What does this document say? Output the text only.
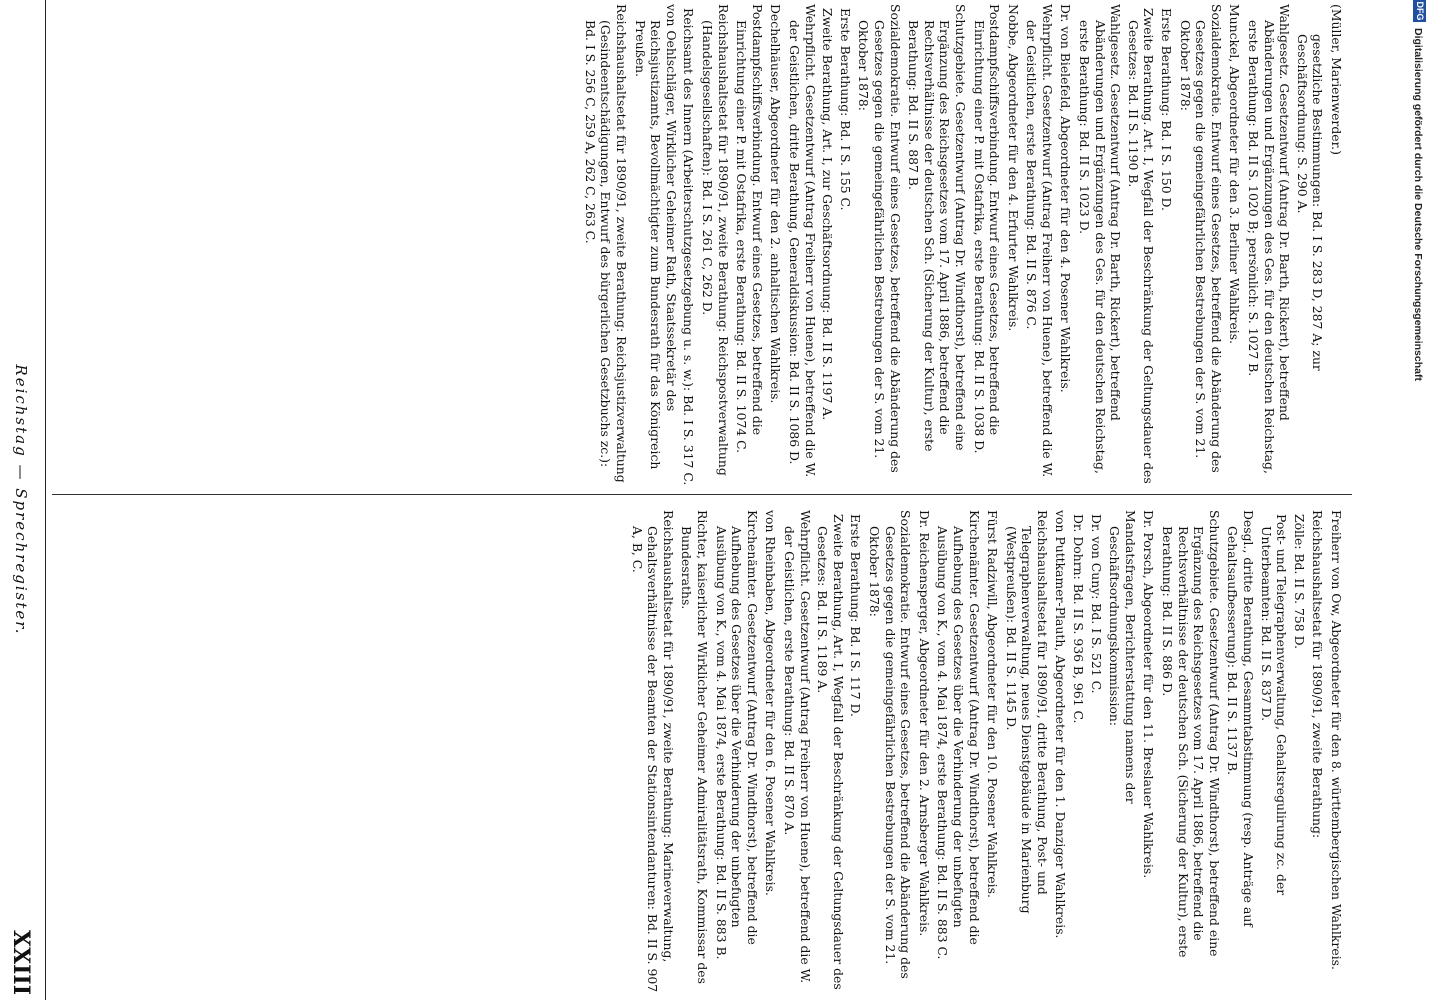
Reichstag — Sprechregister.
XXIII
(Müller, Marienwerder.)
gesetzliche Bestimmungen: Bd. I S. 283 D, 287 A; zur Geschäftsordnung: S. 290 A.
Wahlgesetz. Gesetzentwurf (Antrag Dr. Barth, Rickert), betreffend Abänderungen und Ergänzungen des Ges. für den deutschen Reichstag, erste Berathung: Bd. II S. 1020 B; persönlich: S. 1027 B.
Munckel, Abgeordneter für den 3. Berliner Wahlkreis.
Sozialdemokratie. Entwurf eines Gesetzes, betreffend die Abänderung des Gesetzes gegen die gemeingefährlichen Bestrebungen der S. vom 21. Oktober 1878:
Erste Berathung: Bd. I S. 150 D.
Zweite Berathung. Art. I, Wegfall der Beschränkung der Geltungsdauer des Gesetzes: Bd. II S. 1190 B.
Wahlgesetz. Gesetzentwurf (Antrag Dr. Barth, Rickert), betreffend Abänderungen und Ergänzungen des Ges. für den deutschen Reichstag, erste Berathung: Bd. II S. 1023 D.
Dr. von Bielefeld, Abgeordneter für den 4. Posener Wahlkreis.
Wehrpflicht. Gesetzentwurf (Antrag Freiherr von Huene), betreffend die W. der Geistlichen, erste Berathung: Bd. II S. 876 C.
Nobbe, Abgeordneter für den 4. Erfurter Wahlkreis.
Postdampfschiffsverbindung. Entwurf eines Gesetzes, betreffend die Einrichtung einer P. mit Ostafrika, erste Berathung: Bd. II S. 1038 D.
Schutzgebiete. Gesetzentwurf (Antrag Dr. Windthorst), betreffend eine Ergänzung des Reichsgesetzes vom 17. April 1886, betreffend die Rechtsverhältnisse der deutschen Sch. (Sicherung der Kultur), erste Berathung: Bd. II S. 887 B.
Sozialdemokratie. Entwurf eines Gesetzes, betreffend die Abänderung des Gesetzes gegen die gemeingefährlichen Bestrebungen der S. vom 21. Oktober 1878:
Erste Berathung: Bd. I S. 155 C.
Zweite Berathung, Art. I, zur Geschäftsordnung: Bd. II S. 1197 A.
Wehrpflicht. Gesetzentwurf (Antrag Freiherr von Huene), betreffend die W. der Geistlichen, dritte Berathung, Generaldiskussion: Bd. II S. 1086 D.
Dechelhäuser, Abgeordneter für den 2. anhaltischen Wahlkreis.
Postdampfschiffsverbindung. Entwurf eines Gesetzes, betreffend die Einrichtung einer P. mit Ostafrika, erste Berathung: Bd. II S. 1074 C.
Reichshaushaltsetat für 1890/91, zweite Berathung: Reichspostverwaltung (Handelsgesellschaften): Bd. I S. 261 C, 262 D.
Reichsamt des Innern (Arbeiterschutzgesetzgebung u. s. w.): Bd. I S. 317 C.
von Oehlschläger, Wirklicher Geheimer Rath, Staatssekretär des Reichsjustizamts, Bevollmächtigter zum Bundesrath für das Königreich Preußen.
Reichshaushaltsetat für 1890/91, zweite Berathung: Reichsjustizverwaltung (Gesindeentschädigungen, Entwurf des bürgerlichen Gesetzbuchs zc.): Bd. I S. 256 C, 259 A, 262 C, 263 C.
Freiherr von Ow, Abgeordneter für den 8. württembergischen Wahlkreis.
Reichshaushaltsetat für 1890/91, zweite Berathung:
Zölle: Bd. II S. 758 D.
Post- und Telegraphenverwaltung, Gehaltsregulirung zc. der Unterbeamten: Bd. II S. 837 D.
Desgl., dritte Berathung, Gesammtabstimmung (resp. Anträge auf Gehaltsaufbesserung): Bd. II S. 1137 B.
Schutzgebiete. Gesetzentwurf (Antrag Dr. Windthorst), betreffend eine Ergänzung des Reichsgesetzes vom 17. April 1886, betreffend die Rechtsverhältnisse der deutschen Sch. (Sicherung der Kultur), erste Berathung: Bd. II S. 886 D.
Dr. Porsch, Abgeordneter für den 11. Breslauer Wahlkreis.
Mandatsfragen, Berichterstattung namens der Geschäftsordnungskommission:
Dr. von Cuny: Bd. I S. 521 C.
Dr. Dohrn: Bd. II S. 936 B, 961 C.
von Puttkamer-Plauth, Abgeordneter für den 1. Danziger Wahlkreis.
Reichshaushaltsetat für 1890/91, dritte Berathung, Post- und Telegraphenverwaltung, neues Dienstgebäude in Marienburg (Westpreußen): Bd. II S. 1145 D.
Fürst Radziwill, Abgeordneter für den 10. Posener Wahlkreis.
Kirchenämter. Gesetzentwurf (Antrag Dr. Windthorst), betreffend die Aufhebung des Gesetzes über die Verhinderung der unbefugten Ausübung von K., vom 4. Mai 1874, erste Berathung: Bd. II S. 883 C.
Dr. Reichensperger, Abgeordneter für den 2. Arnsberger Wahlkreis.
Sozialdemokratie. Entwurf eines Gesetzes, betreffend die Abänderung des Gesetzes gegen die gemeingefährlichen Bestrebungen der S. vom 21. Oktober 1878:
Erste Berathung: Bd. I S. 117 D.
Zweite Berathung, Art. I, Wegfall der Beschränkung der Geltungsdauer des Gesetzes: Bd. II S. 1189 A.
Wehrpflicht. Gesetzentwurf (Antrag Freiherr von Huene), betreffend die W. der Geistlichen, erste Berathung: Bd. II S. 870 A.
von Rheinbaben, Abgeordneter für den 6. Posener Wahlkreis.
Kirchenämter. Gesetzentwurf (Antrag Dr. Windthorst), betreffend die Aufhebung des Gesetzes über die Verhinderung der unbefugten Ausübung von K., vom 4. Mai 1874, erste Berathung: Bd. II S. 883 B.
Richter, kaiserlicher Wirklicher Geheimer Admiralitätsrath, Kommissar des Bundesraths.
Reichshaushaltsetat für 1890/91, zweite Berathung: Marineverwaltung, Gehaltsverhältnisse der Beamten der Stationsintendanturen: Bd. II S. 907 A, B, C.
DFG
Digitalisierung gefördert durch die Deutsche Forschungsgemeinschaft
